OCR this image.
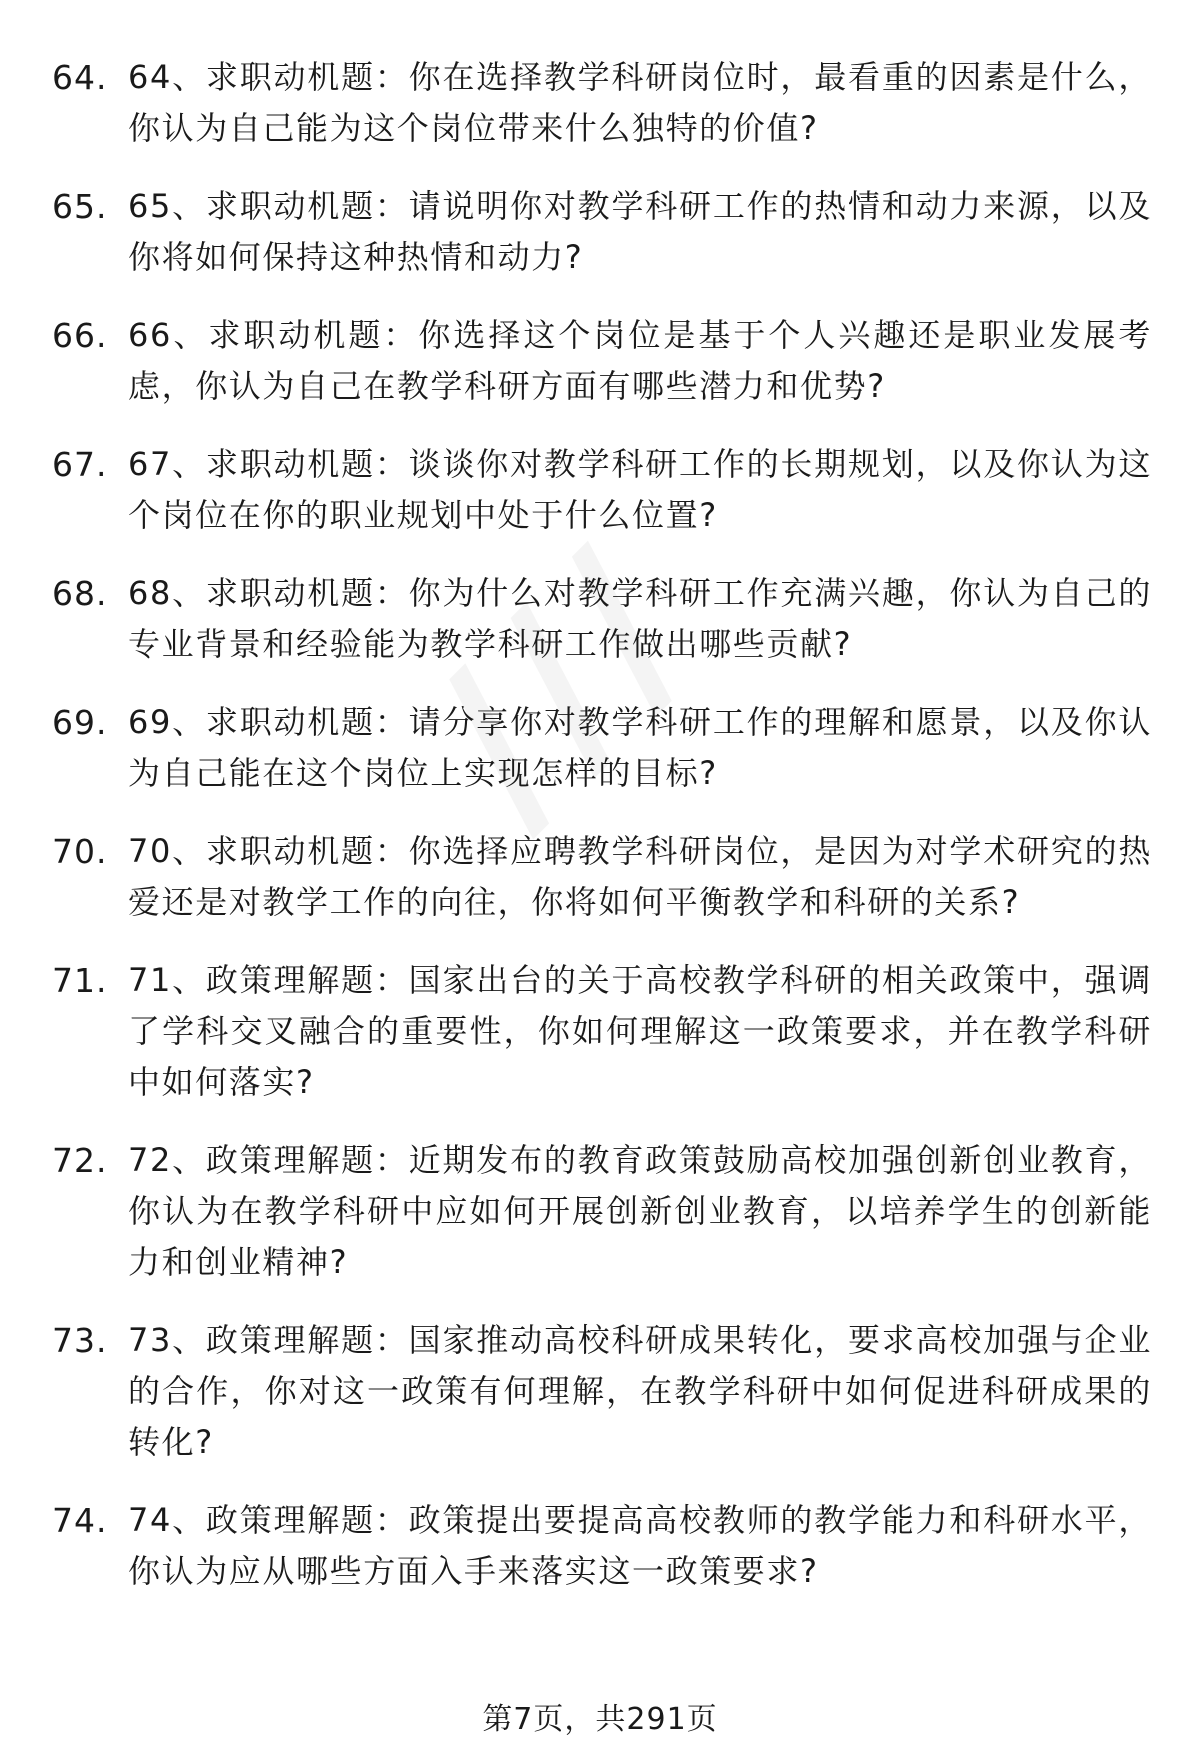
64. 64、求职动机题：你在选择教学科研岗位时，最看重的因素是什么，你认为自己能为这个岗位带来什么独特的价值?
65. 65、求职动机题：请说明你对教学科研工作的热情和动力来源，以及你将如何保持这种热情和动力?
66. 66、求职动机题：你选择这个岗位是基于个人兴趣还是职业发展考虑，你认为自己在教学科研方面有哪些潜力和优势?
67. 67、求职动机题：谈谈你对教学科研工作的长期规划，以及你认为这个岗位在你的职业规划中处于什么位置?
68. 68、求职动机题：你为什么对教学科研工作充满兴趣，你认为自己的专业背景和经验能为教学科研工作做出哪些贡献?
69. 69、求职动机题：请分享你对教学科研工作的理解和愿景，以及你认为自己能在这个岗位上实现怎样的目标?
70. 70、求职动机题：你选择应聘教学科研岗位，是因为对学术研究的热爱还是对教学工作的向往，你将如何平衡教学和科研的关系?
71. 71、政策理解题：国家出台的关于高校教学科研的相关政策中，强调了学科交叉融合的重要性，你如何理解这一政策要求，并在教学科研中如何落实?
72. 72、政策理解题：近期发布的教育政策鼓励高校加强创新创业教育，你认为在教学科研中应如何开展创新创业教育，以培养学生的创新能力和创业精神?
73. 73、政策理解题：国家推动高校科研成果转化，要求高校加强与企业的合作，你对这一政策有何理解，在教学科研中如何促进科研成果的转化?
74. 74、政策理解题：政策提出要提高高校教师的教学能力和科研水平，你认为应从哪些方面入手来落实这一政策要求?
第7页，共291页
